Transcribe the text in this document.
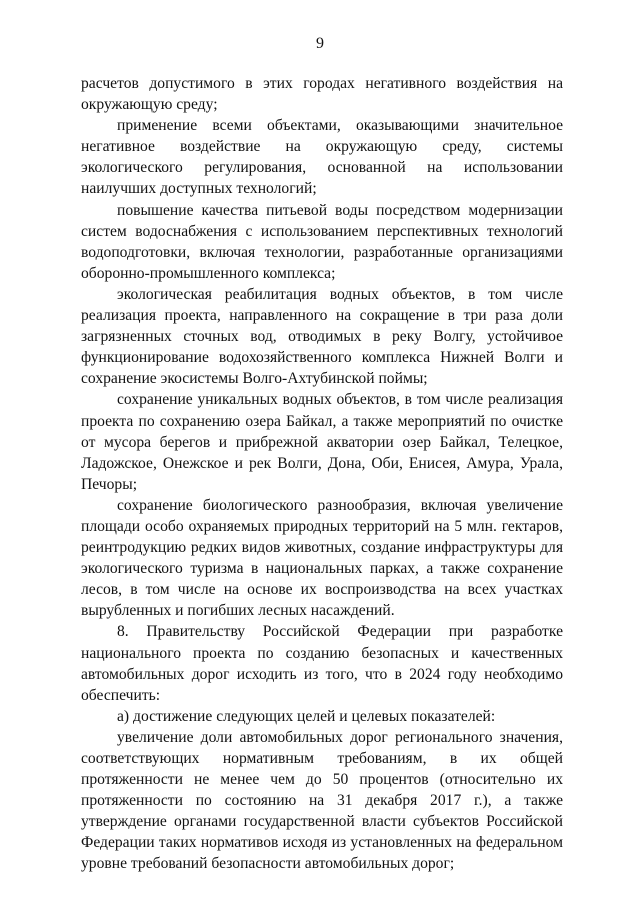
9

расчетов допустимого в этих городах негативного воздействия на окружающую среду;

применение всеми объектами, оказывающими значительное негативное воздействие на окружающую среду, системы экологического регулирования, основанной на использовании наилучших доступных технологий;

повышение качества питьевой воды посредством модернизации систем водоснабжения с использованием перспективных технологий водоподготовки, включая технологии, разработанные организациями оборонно-промышленного комплекса;

экологическая реабилитация водных объектов, в том числе реализация проекта, направленного на сокращение в три раза доли загрязненных сточных вод, отводимых в реку Волгу, устойчивое функционирование водохозяйственного комплекса Нижней Волги и сохранение экосистемы Волго-Ахтубинской поймы;

сохранение уникальных водных объектов, в том числе реализация проекта по сохранению озера Байкал, а также мероприятий по очистке от мусора берегов и прибрежной акватории озер Байкал, Телецкое, Ладожское, Онежское и рек Волги, Дона, Оби, Енисея, Амура, Урала, Печоры;

сохранение биологического разнообразия, включая увеличение площади особо охраняемых природных территорий на 5 млн. гектаров, реинтродукцию редких видов животных, создание инфраструктуры для экологического туризма в национальных парках, а также сохранение лесов, в том числе на основе их воспроизводства на всех участках вырубленных и погибших лесных насаждений.

8. Правительству Российской Федерации при разработке национального проекта по созданию безопасных и качественных автомобильных дорог исходить из того, что в 2024 году необходимо обеспечить:

а) достижение следующих целей и целевых показателей:

увеличение доли автомобильных дорог регионального значения, соответствующих нормативным требованиям, в их общей протяженности не менее чем до 50 процентов (относительно их протяженности по состоянию на 31 декабря 2017 г.), а также утверждение органами государственной власти субъектов Российской Федерации таких нормативов исходя из установленных на федеральном уровне требований безопасности автомобильных дорог;
